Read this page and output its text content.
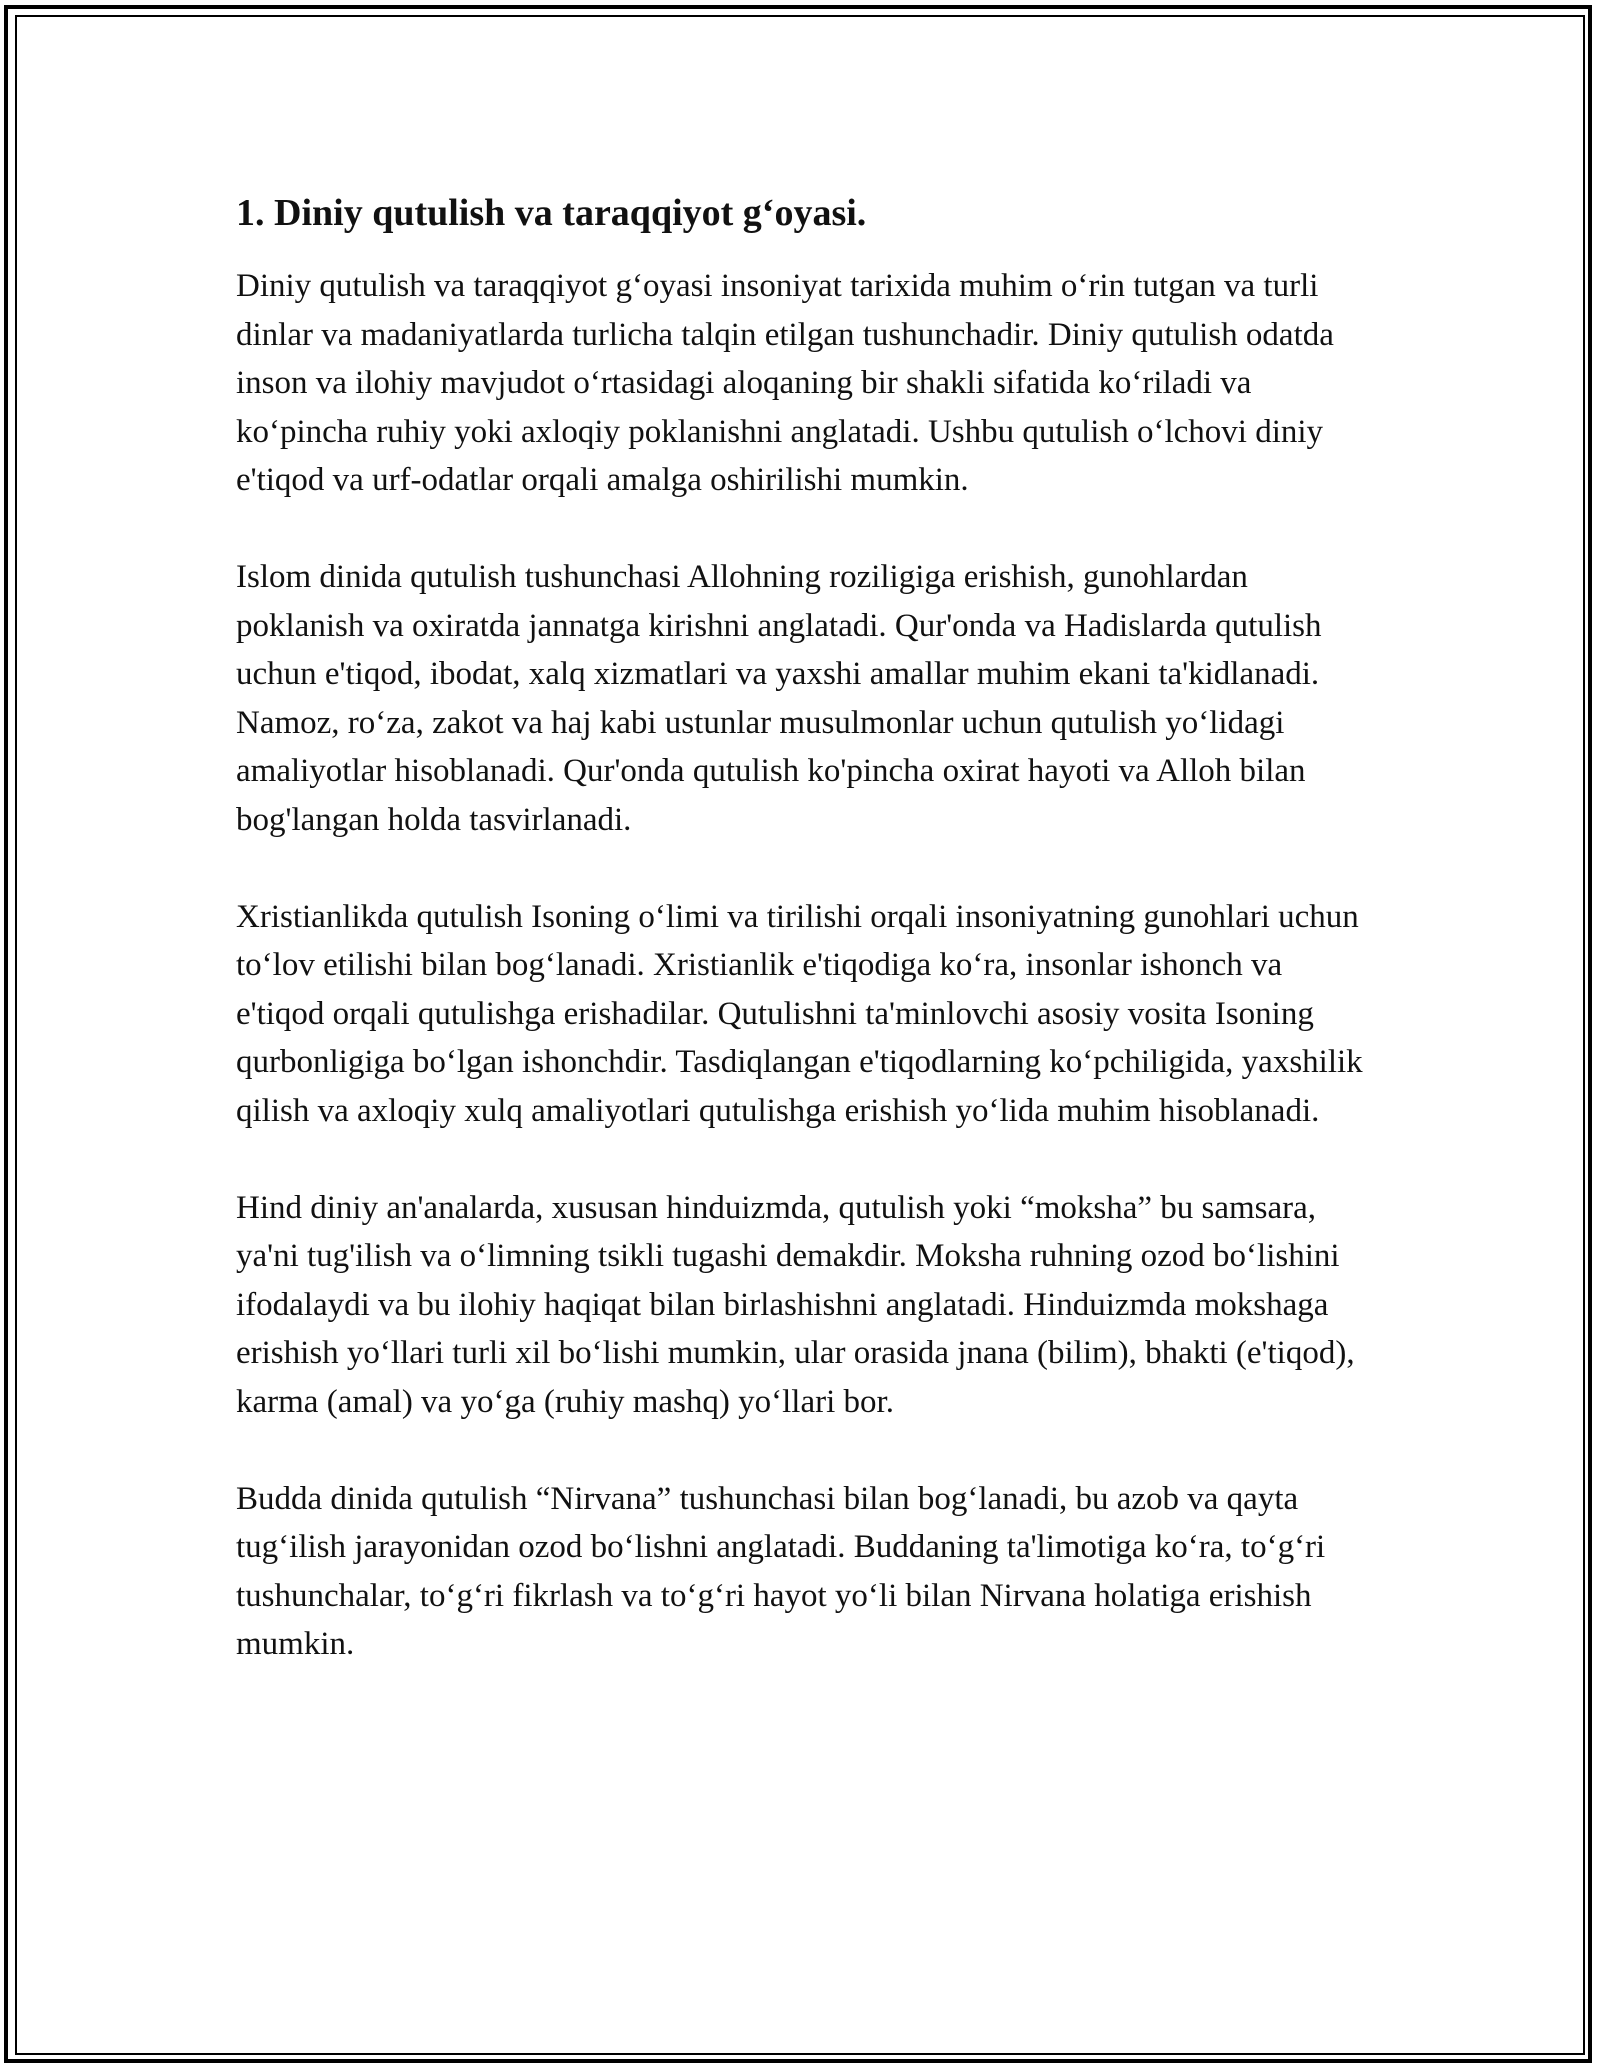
1. Diniy qutulish va taraqqiyot g‘oyasi.

Diniy qutulish va taraqqiyot g‘oyasi insoniyat tarixida muhim o‘rin tutgan va turli dinlar va madaniyatlarda turlicha talqin etilgan tushunchadir. Diniy qutulish odatda inson va ilohiy mavjudot o‘rtasidagi aloqaning bir shakli sifatida ko‘riladi va ko‘pincha ruhiy yoki axloqiy poklanishni anglatadi. Ushbu qutulish o‘lchovi diniy e'tiqod va urf-odatlar orqali amalga oshirilishi mumkin.

Islom dinida qutulish tushunchasi Allohning roziligiga erishish, gunohlardan poklanish va oxiratda jannatga kirishni anglatadi. Qur'onda va Hadislarda qutulish uchun e'tiqod, ibodat, xalq xizmatlari va yaxshi amallar muhim ekani ta'kidlanadi. Namoz, ro‘za, zakot va haj kabi ustunlar musulmonlar uchun qutulish yo‘lidagi amaliyotlar hisoblanadi. Qur'onda qutulish ko'pincha oxirat hayoti va Alloh bilan bog'langan holda tasvirlanadi.

Xristianlikda qutulish Isoning o‘limi va tirilishi orqali insoniyatning gunohlari uchun to‘lov etilishi bilan bog‘lanadi. Xristianlik e'tiqodiga ko‘ra, insonlar ishonch va e'tiqod orqali qutulishga erishadilar. Qutulishni ta'minlovchi asosiy vosita Isoning qurbonligiga bo‘lgan ishonchdir. Tasdiqlangan e'tiqodlarning ko‘pchiligida, yaxshilik qilish va axloqiy xulq amaliyotlari qutulishga erishish yo‘lida muhim hisoblanadi.

Hind diniy an'analarda, xususan hinduizmda, qutulish yoki “moksha” bu samsara, ya'ni tug'ilish va o‘limning tsikli tugashi demakdir. Moksha ruhning ozod bo‘lishini ifodalaydi va bu ilohiy haqiqat bilan birlashishni anglatadi. Hinduizmda mokshaga erishish yo‘llari turli xil bo‘lishi mumkin, ular orasida jnana (bilim), bhakti (e'tiqod), karma (amal) va yo‘ga (ruhiy mashq) yo‘llari bor.

Budda dinida qutulish “Nirvana” tushunchasi bilan bog‘lanadi, bu azob va qayta tug‘ilish jarayonidan ozod bo‘lishni anglatadi. Buddaning ta'limotiga ko‘ra, to‘g‘ri tushunchalar, to‘g‘ri fikrlash va to‘g‘ri hayot yo‘li bilan Nirvana holatiga erishish mumkin.
